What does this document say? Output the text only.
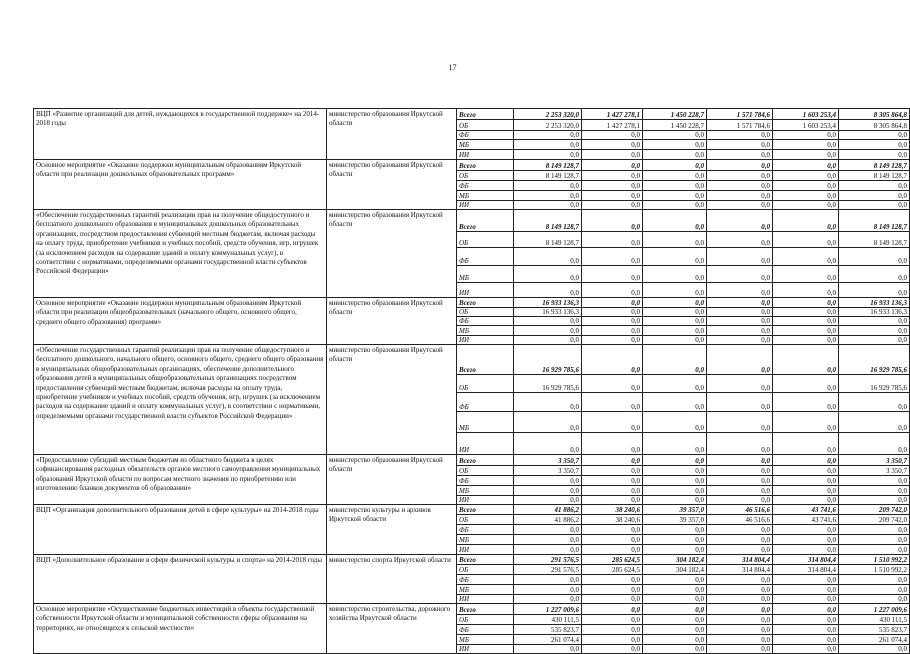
17
ВЦП «Развитие организаций для детей, нуждающихся в государственной поддержке» на 2014-2018 годы	министерство образования Иркутской области	Всего	2 253 320,0	1 427 278,1	1 450 228,7	1 571 784,6	1 603 253,4	8 305 864,8
		ОБ	2 253 320,0	1 427 278,1	1 450 228,7	1 571 784,6	1 603 253,4	8 305 864,8
		ФБ	0,0	0,0	0,0	0,0	0,0	0,0
		МБ	0,0	0,0	0,0	0,0	0,0	0,0
		ИИ	0,0	0,0	0,0	0,0	0,0	0,0
Основное мероприятие «Оказание поддержки муниципальным образованиям Иркутской области при реализации дошкольных образовательных программ»	министерство образования Иркутской области	Всего	8 149 128,7	0,0	0,0	0,0	0,0	8 149 128,7
		ОБ	8 149 128,7	0,0	0,0	0,0	0,0	8 149 128,7
		ФБ	0,0	0,0	0,0	0,0	0,0	0,0
		МБ	0,0	0,0	0,0	0,0	0,0	0,0
		ИИ	0,0	0,0	0,0	0,0	0,0	0,0
«Обеспечение государственных гарантий реализации прав на получение общедоступного и бесплатного дошкольного образования в муниципальных дошкольных образовательных организациях, посредством предоставления субвенций местным бюджетам, включая расходы на оплату труда, приобретение учебников и учебных пособий, средств обучения, игр, игрушек (за исключением расходов на содержание зданий и оплату коммунальных услуг), в соответствии с нормативами, определяемыми органами государственной власти субъектов Российской Федерации»	министерство образования Иркутской области	Всего	8 149 128,7	0,0	0,0	0,0	0,0	8 149 128,7
		ОБ	8 149 128,7	0,0	0,0	0,0	0,0	8 149 128,7
		ФБ	0,0	0,0	0,0	0,0	0,0	0,0
		МБ	0,0	0,0	0,0	0,0	0,0	0,0
		ИИ	0,0	0,0	0,0	0,0	0,0	0,0
Основное мероприятие «Оказание поддержки муниципальным образованиям Иркутской области при реализации общеобразовательных (начального общего, основного общего, среднего общего образования) программ»	министерство образования Иркутской области	Всего	16 933 136,3	0,0	0,0	0,0	0,0	16 933 136,3
		ОБ	16 933 136,3	0,0	0,0	0,0	0,0	16 933 136,3
		ФБ	0,0	0,0	0,0	0,0	0,0	0,0
		МБ	0,0	0,0	0,0	0,0	0,0	0,0
		ИИ	0,0	0,0	0,0	0,0	0,0	0,0
«Обеспечение государственных гарантий реализации прав на получение общедоступного и бесплатного дошкольного, начального общего, основного общего, среднего общего образования в муниципальных общеобразовательных организациях, обеспечение дополнительного образования детей в муниципальных общеобразовательных организациях посредством предоставления субвенций местным бюджетам, включая расходы на оплату труда, приобретение учебников и учебных пособий, средств обучения, игр, игрушек (за исключением расходов на содержание зданий и оплату коммунальных услуг), в соответствии с нормативами, определяемыми органами государственной власти субъектов Российской Федерации»	министерство образования Иркутской области	Всего	16 929 785,6	0,0	0,0	0,0	0,0	16 929 785,6
		ОБ	16 929 785,6	0,0	0,0	0,0	0,0	16 929 785,6
		ФБ	0,0	0,0	0,0	0,0	0,0	0,0
		МБ	0,0	0,0	0,0	0,0	0,0	0,0
		ИИ	0,0	0,0	0,0	0,0	0,0	0,0
«Предоставление субсидий местным бюджетам из областного бюджета в целях софинансирования расходных обязательств органов местного самоуправления муниципальных образований Иркутской области по вопросам местного значения по приобретению или изготовлению бланков документов об образовании»	министерство образования Иркутской области	Всего	3 350,7	0,0	0,0	0,0	0,0	3 350,7
		ОБ	3 350,7	0,0	0,0	0,0	0,0	3 350,7
		ФБ	0,0	0,0	0,0	0,0	0,0	0,0
		МБ	0,0	0,0	0,0	0,0	0,0	0,0
		ИИ	0,0	0,0	0,0	0,0	0,0	0,0
ВЦП «Организация дополнительного образования детей в сфере культуры» на 2014-2018 годы	министерство культуры и архивов Иркутской области	Всего	41 886,2	38 240,6	39 357,0	46 516,6	43 741,6	209 742,0
		ОБ	41 886,2	38 240,6	39 357,0	46 516,6	43 741,6	209 742,0
		ФБ	0,0	0,0	0,0	0,0	0,0	0,0
		МБ	0,0	0,0	0,0	0,0	0,0	0,0
		ИИ	0,0	0,0	0,0	0,0	0,0	0,0
ВЦП «Дополнительное образование в сфере физической культуры и спорта» на 2014-2018 годы	министерство спорта Иркутской области	Всего	291 576,5	285 624,5	304 182,4	314 804,4	314 804,4	1 510 992,2
		ОБ	291 576,5	285 624,5	304 182,4	314 804,4	314 804,4	1 510 992,2
		ФБ	0,0	0,0	0,0	0,0	0,0	0,0
		МБ	0,0	0,0	0,0	0,0	0,0	0,0
		ИИ	0,0	0,0	0,0	0,0	0,0	0,0
Основное мероприятие «Осуществление бюджетных инвестиций в объекты государственной собственности Иркутской области и муниципальной собственности сферы образования на территориях, не относящихся к сельской местности»	министерство строительства, дорожного хозяйства Иркутской области	Всего	1 227 009,6	0,0	0,0	0,0	0,0	1 227 009,6
		ОБ	430 111,5	0,0	0,0	0,0	0,0	430 111,5
		ФБ	535 823,7	0,0	0,0	0,0	0,0	535 823,7
		МБ	261 074,4	0,0	0,0	0,0	0,0	261 074,4
		ИИ	0,0	0,0	0,0	0,0	0,0	0,0
